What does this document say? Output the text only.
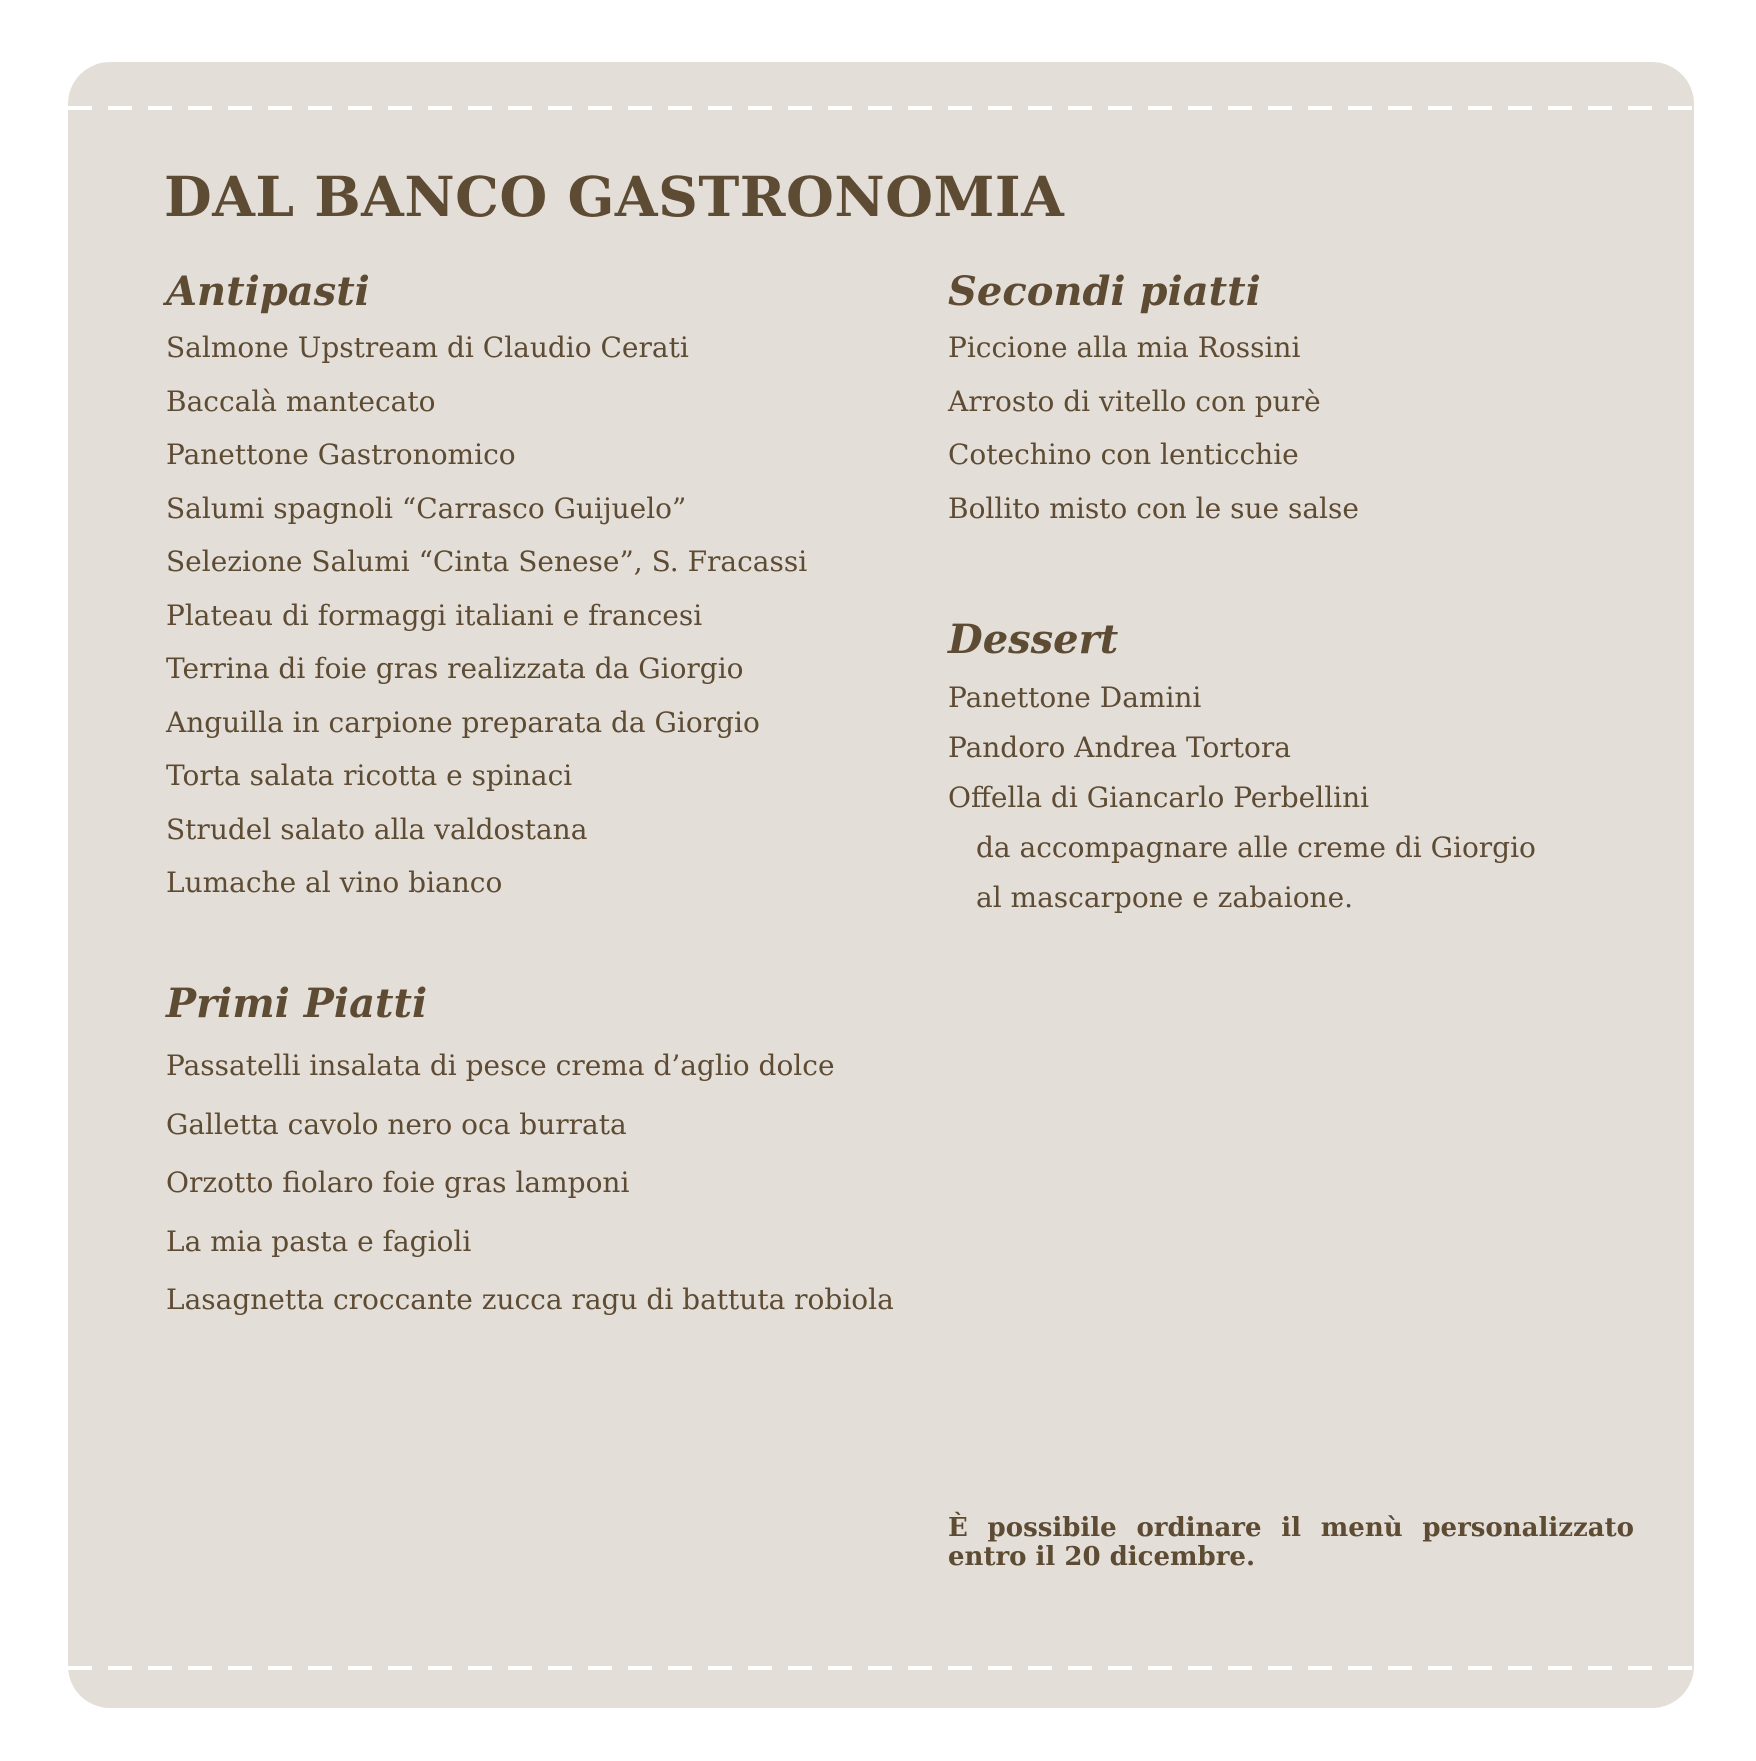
DAL BANCO GASTRONOMIA
Antipasti
Salmone Upstream di Claudio Cerati
Baccalà mantecato
Panettone Gastronomico
Salumi spagnoli “Carrasco Guijuelo”
Selezione Salumi “Cinta Senese”, S. Fracassi
Plateau di formaggi italiani e francesi
Terrina di foie gras realizzata da Giorgio
Anguilla in carpione preparata da Giorgio
Torta salata ricotta e spinaci
Strudel salato alla valdostana
Lumache al vino bianco
Primi Piatti
Passatelli insalata di pesce crema d’aglio dolce
Galletta cavolo nero oca burrata
Orzotto fiolaro foie gras lamponi
La mia pasta e fagioli
Lasagnetta croccante zucca ragu di battuta robiola
Secondi piatti
Piccione alla mia Rossini
Arrosto di vitello con purè
Cotechino con lenticchie
Bollito misto con le sue salse
Dessert
Panettone Damini
Pandoro Andrea Tortora
Offella di Giancarlo Perbellini
da accompagnare alle creme di Giorgio
al mascarpone e zabaione.

È possibile ordinare il menù personalizzato
entro il 20 dicembre.
